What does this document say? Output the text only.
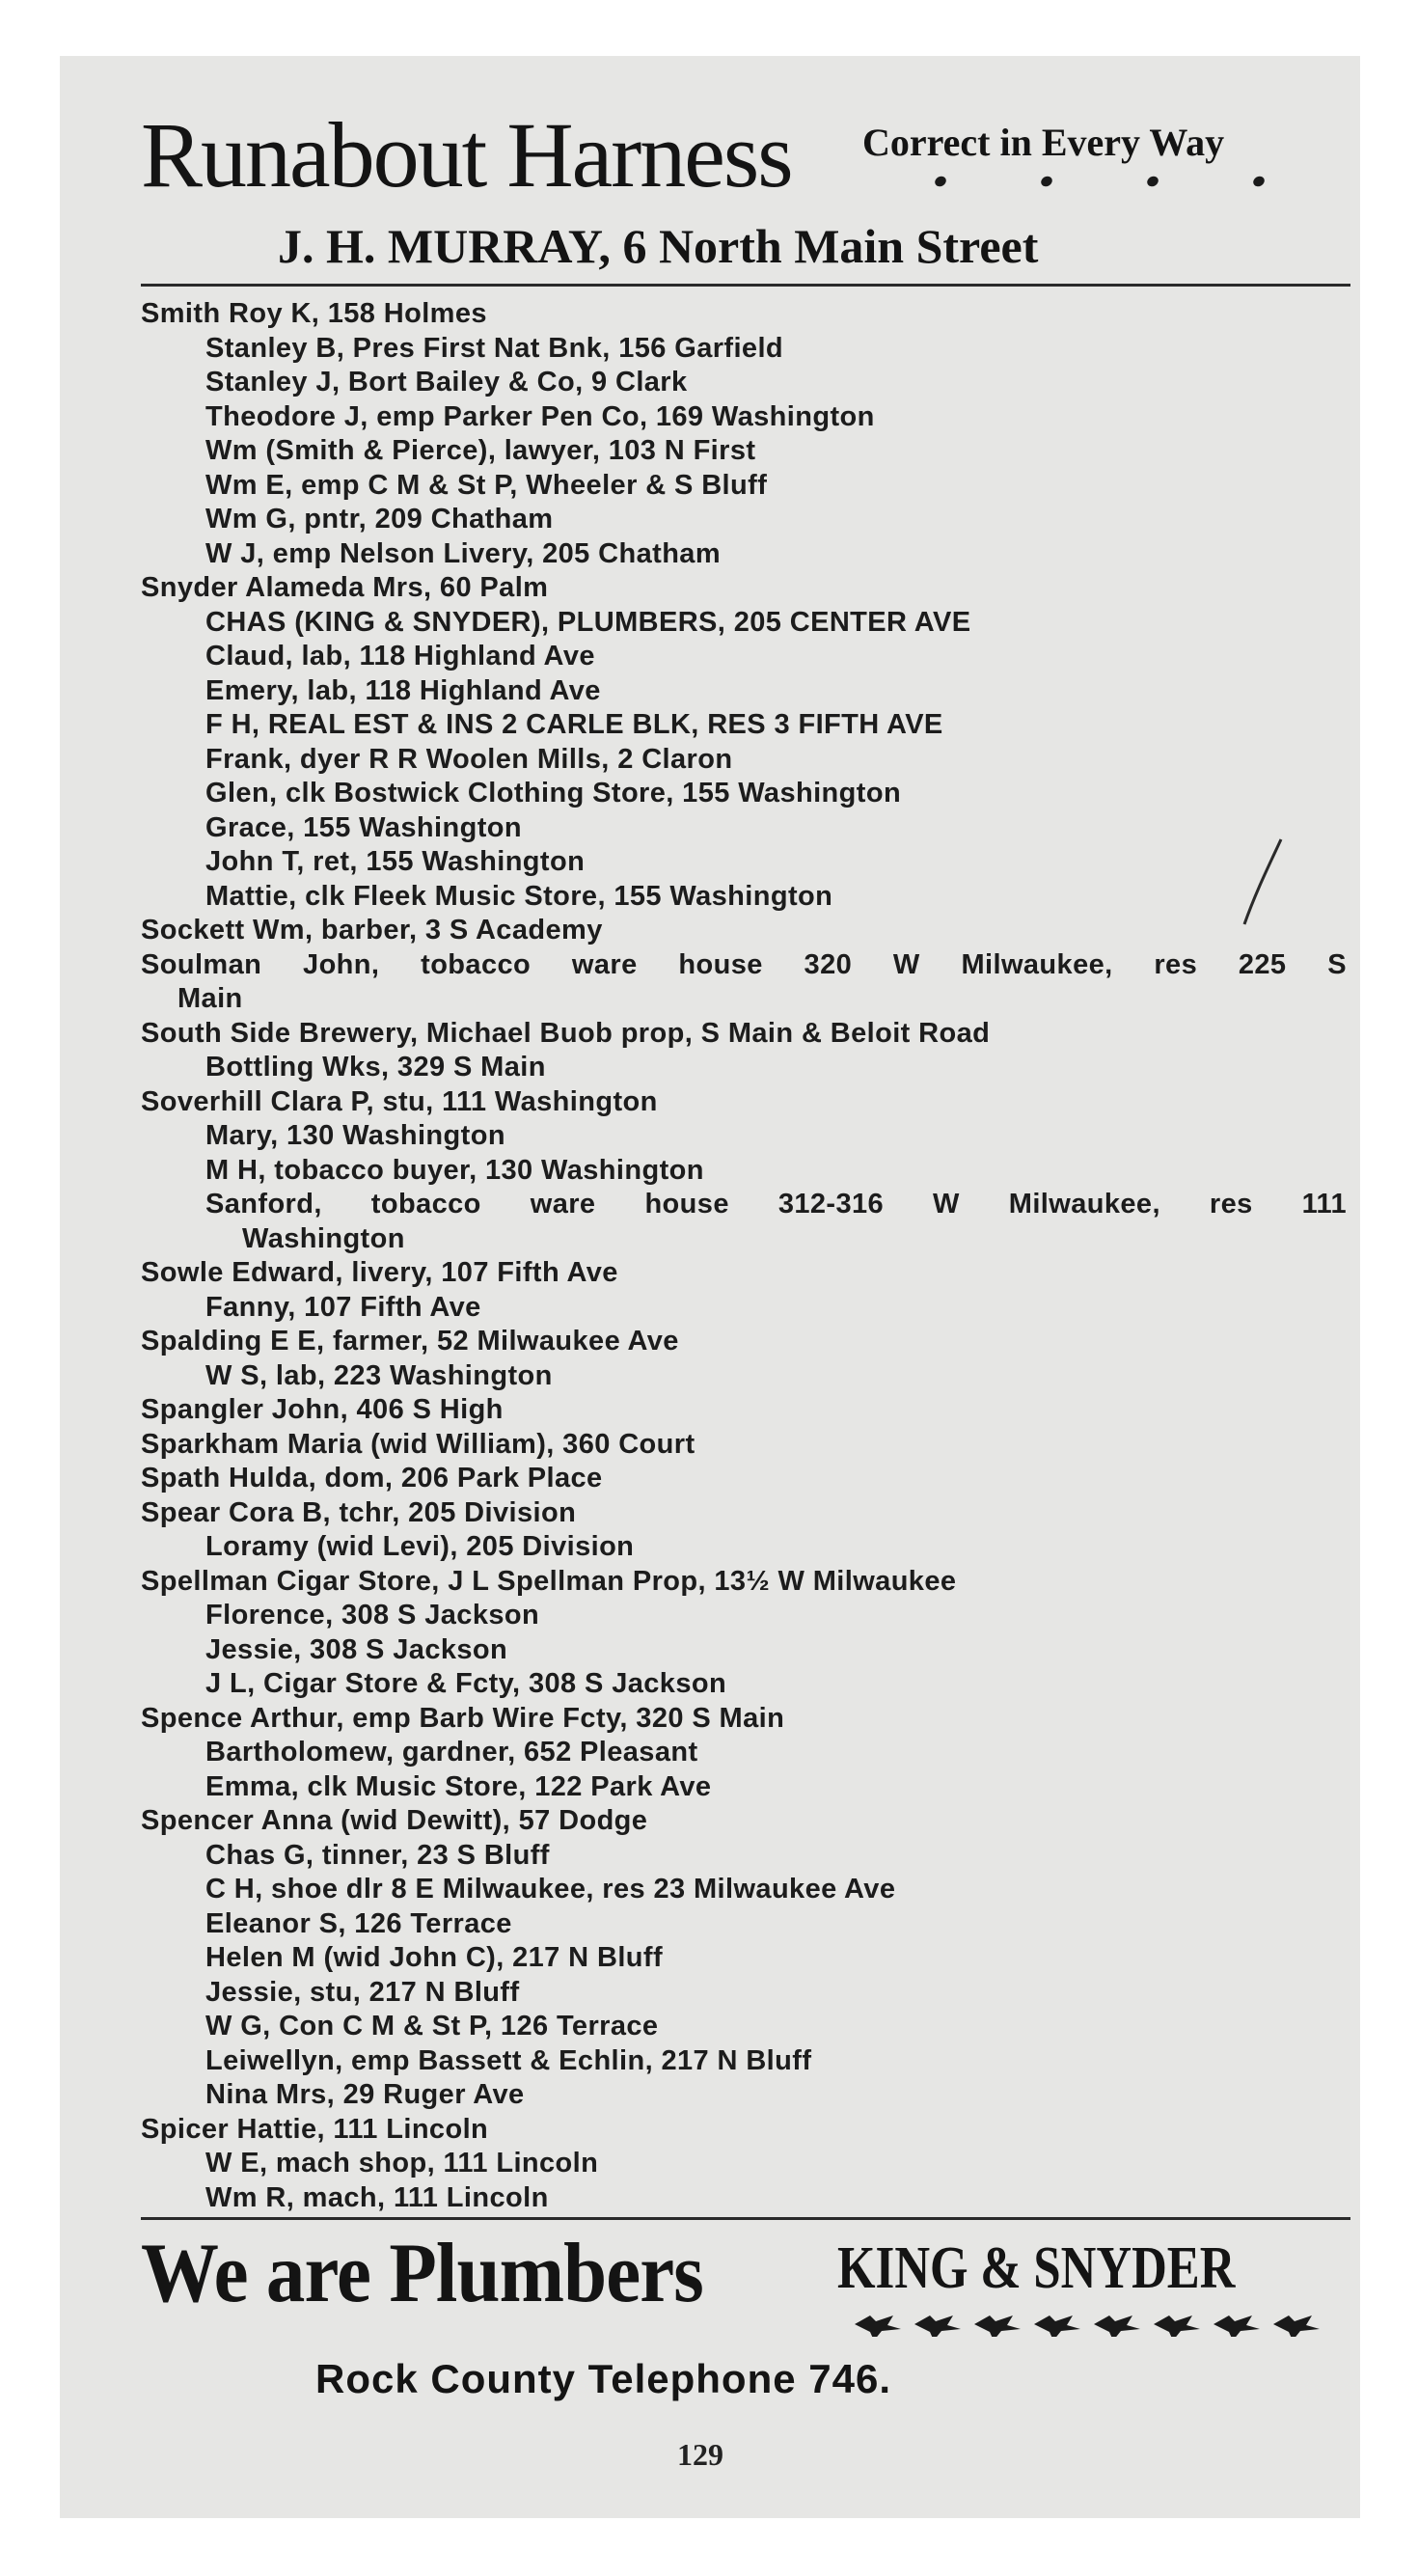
Runabout Harness Correct in Every Way
J. H. MURRAY, 6 North Main Street
Smith Roy K, 158 Holmes
Stanley B, Pres First Nat Bnk, 156 Garfield
Stanley J, Bort Bailey & Co, 9 Clark
Theodore J, emp Parker Pen Co, 169 Washington
Wm (Smith & Pierce), lawyer, 103 N First
Wm E, emp C M & St P, Wheeler & S Bluff
Wm G, pntr, 209 Chatham
W J, emp Nelson Livery, 205 Chatham
Snyder Alameda Mrs, 60 Palm
CHAS (KING & SNYDER), PLUMBERS, 205 CENTER AVE
Claud, lab, 118 Highland Ave
Emery, lab, 118 Highland Ave
F H, REAL EST & INS 2 CARLE BLK, RES 3 FIFTH AVE
Frank, dyer R R Woolen Mills, 2 Claron
Glen, clk Bostwick Clothing Store, 155 Washington
Grace, 155 Washington
John T, ret, 155 Washington
Mattie, clk Fleek Music Store, 155 Washington
Sockett Wm, barber, 3 S Academy
Soulman John, tobacco ware house 320 W Milwaukee, res 225 S
Main
South Side Brewery, Michael Buob prop, S Main & Beloit Road
Bottling Wks, 329 S Main
Soverhill Clara P, stu, 111 Washington
Mary, 130 Washington
M H, tobacco buyer, 130 Washington
Sanford, tobacco ware house 312-316 W Milwaukee, res 111
Washington
Sowle Edward, livery, 107 Fifth Ave
Fanny, 107 Fifth Ave
Spalding E E, farmer, 52 Milwaukee Ave
W S, lab, 223 Washington
Spangler John, 406 S High
Sparkham Maria (wid William), 360 Court
Spath Hulda, dom, 206 Park Place
Spear Cora B, tchr, 205 Division
Loramy (wid Levi), 205 Division
Spellman Cigar Store, J L Spellman Prop, 13½ W Milwaukee
Florence, 308 S Jackson
Jessie, 308 S Jackson
J L, Cigar Store & Fcty, 308 S Jackson
Spence Arthur, emp Barb Wire Fcty, 320 S Main
Bartholomew, gardner, 652 Pleasant
Emma, clk Music Store, 122 Park Ave
Spencer Anna (wid Dewitt), 57 Dodge
Chas G, tinner, 23 S Bluff
C H, shoe dlr 8 E Milwaukee, res 23 Milwaukee Ave
Eleanor S, 126 Terrace
Helen M (wid John C), 217 N Bluff
Jessie, stu, 217 N Bluff
W G, Con C M & St P, 126 Terrace
Leiwellyn, emp Bassett & Echlin, 217 N Bluff
Nina Mrs, 29 Ruger Ave
Spicer Hattie, 111 Lincoln
W E, mach shop, 111 Lincoln
Wm R, mach, 111 Lincoln
We are Plumbers KING & SNYDER
Rock County Telephone 746.
129
